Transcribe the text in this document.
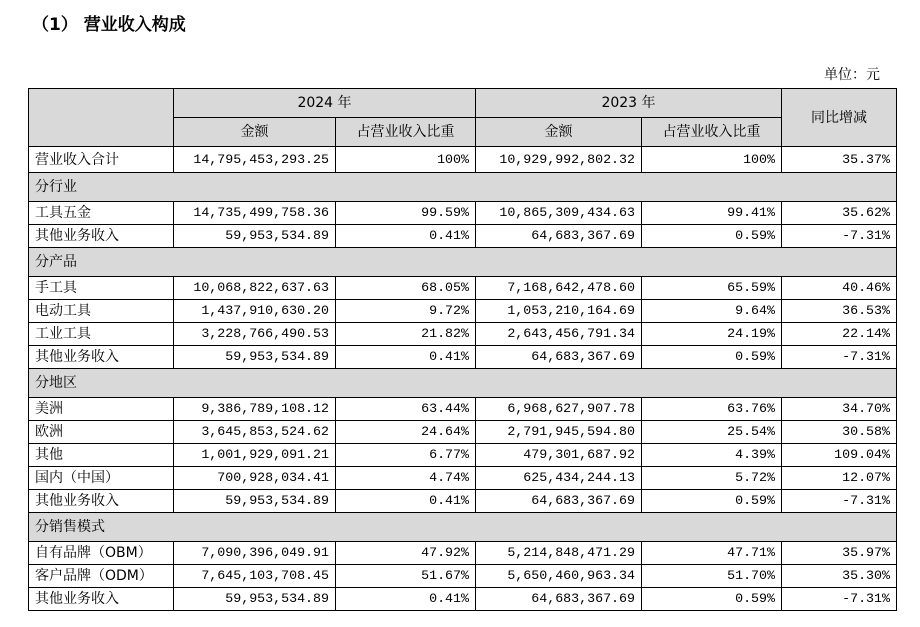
（1） 营业收入构成
单位：元
	2024 年		2023 年		同比增减
	金额	占营业收入比重	金额	占营业收入比重	
营业收入合计	14,795,453,293.25	100%	10,929,992,802.32	100%	35.37%
分行业					
工具五金	14,735,499,758.36	99.59%	10,865,309,434.63	99.41%	35.62%
其他业务收入	59,953,534.89	0.41%	64,683,367.69	0.59%	-7.31%
分产品					
手工具	10,068,822,637.63	68.05%	7,168,642,478.60	65.59%	40.46%
电动工具	1,437,910,630.20	9.72%	1,053,210,164.69	9.64%	36.53%
工业工具	3,228,766,490.53	21.82%	2,643,456,791.34	24.19%	22.14%
其他业务收入	59,953,534.89	0.41%	64,683,367.69	0.59%	-7.31%
分地区					
美洲	9,386,789,108.12	63.44%	6,968,627,907.78	63.76%	34.70%
欧洲	3,645,853,524.62	24.64%	2,791,945,594.80	25.54%	30.58%
其他	1,001,929,091.21	6.77%	479,301,687.92	4.39%	109.04%
国内（中国）	700,928,034.41	4.74%	625,434,244.13	5.72%	12.07%
其他业务收入	59,953,534.89	0.41%	64,683,367.69	0.59%	-7.31%
分销售模式					
自有品牌（OBM）	7,090,396,049.91	47.92%	5,214,848,471.29	47.71%	35.97%
客户品牌（ODM）	7,645,103,708.45	51.67%	5,650,460,963.34	51.70%	35.30%
其他业务收入	59,953,534.89	0.41%	64,683,367.69	0.59%	-7.31%
